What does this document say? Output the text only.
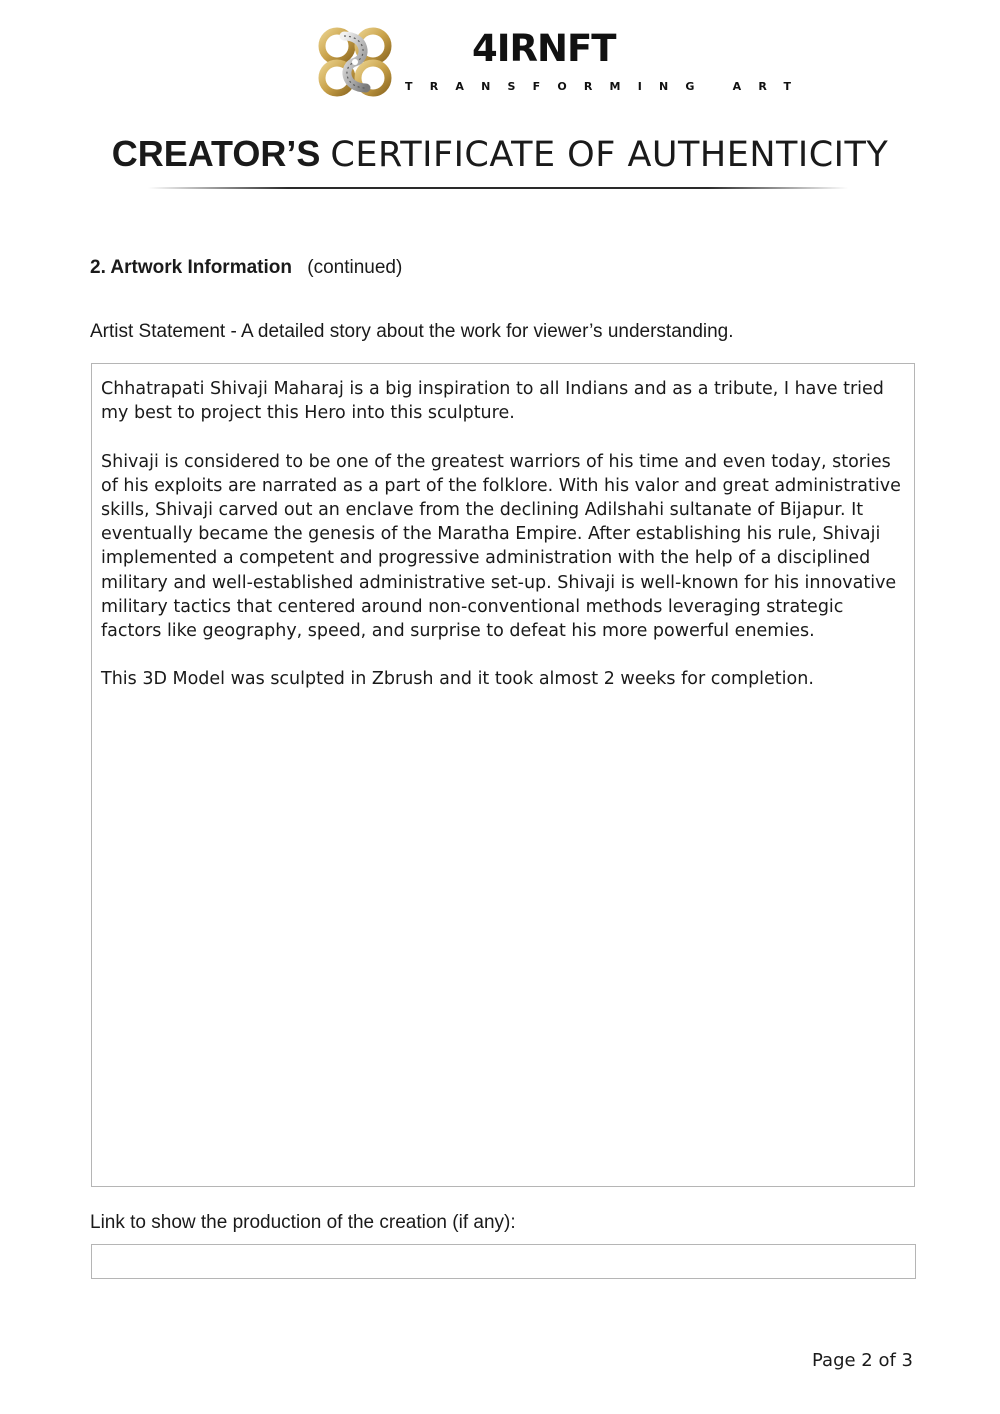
4IRNFT
TRANSFORMING ART
CREATOR’S CERTIFICATE OF AUTHENTICITY
2. Artwork Information (continued)
Artist Statement - A detailed story about the work for viewer’s understanding.

Chhatrapati Shivaji Maharaj is a big inspiration to all Indians and as a tribute, I have tried my best to project this Hero into this sculpture.

Shivaji is considered to be one of the greatest warriors of his time and even today, stories of his exploits are narrated as a part of the folklore. With his valor and great administrative skills, Shivaji carved out an enclave from the declining Adilshahi sultanate of Bijapur. It eventually became the genesis of the Maratha Empire. After establishing his rule, Shivaji implemented a competent and progressive administration with the help of a disciplined military and well-established administrative set-up. Shivaji is well-known for his innovative military tactics that centered around non-conventional methods leveraging strategic factors like geography, speed, and surprise to defeat his more powerful enemies.

This 3D Model was sculpted in Zbrush and it took almost 2 weeks for completion.

Link to show the production of the creation (if any):
Page 2 of 3
